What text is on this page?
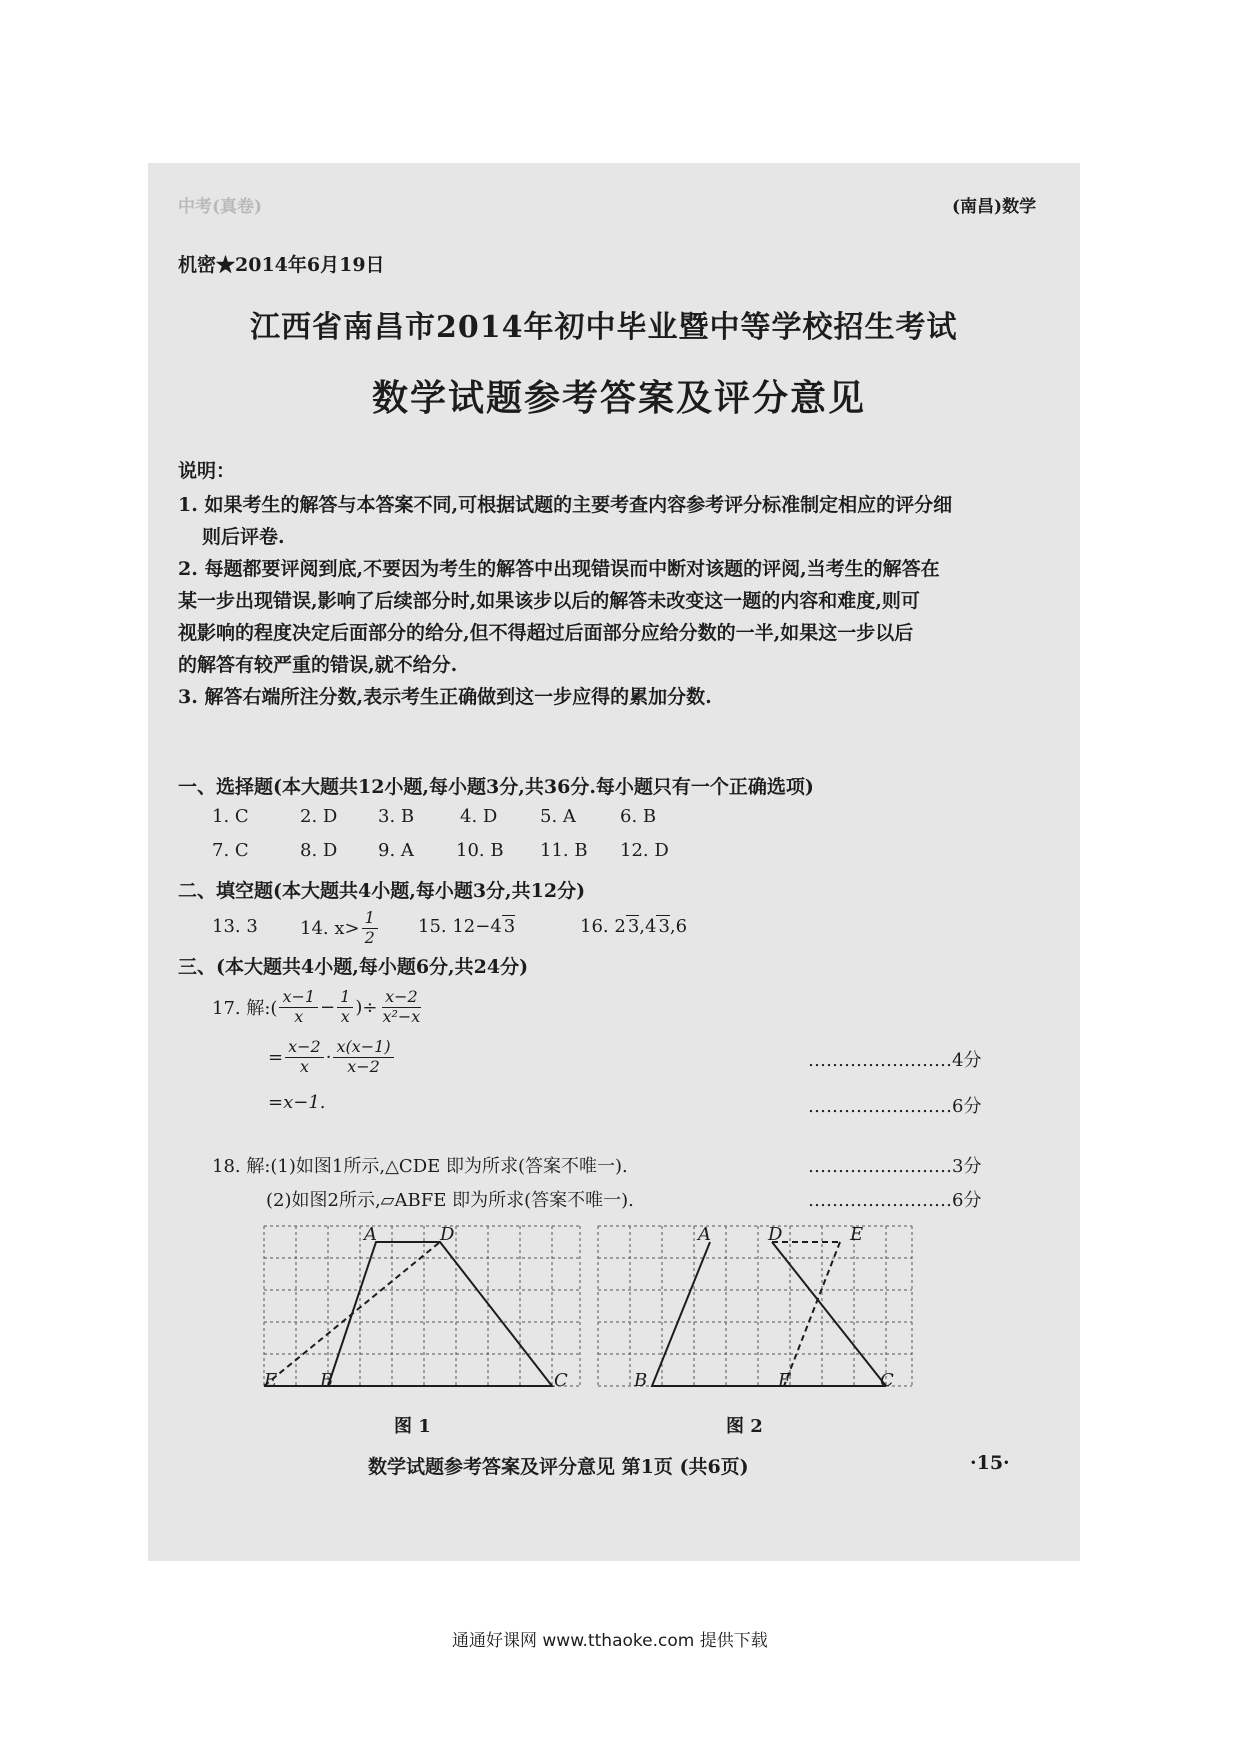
中考(真卷)	(南昌)数学
机密★2014年6月19日
江西省南昌市2014年初中毕业暨中等学校招生考试
数学试题参考答案及评分意见
说明：
1. 如果考生的解答与本答案不同,可根据试题的主要考查内容参考评分标准制定相应的评分细
则后评卷.
2. 每题都要评阅到底,不要因为考生的解答中出现错误而中断对该题的评阅,当考生的解答在
某一步出现错误,影响了后续部分时,如果该步以后的解答未改变这一题的内容和难度,则可
视影响的程度决定后面部分的给分,但不得超过后面部分应给分数的一半,如果这一步以后
的解答有较严重的错误,就不给分.
3. 解答右端所注分数,表示考生正确做到这一步应得的累加分数.
一、选择题(本大题共12小题,每小题3分,共36分.每小题只有一个正确选项)
1. C	2. D 3. B	4. D 5. A 6. B
7. C	8. D 9. A 10. B 11. B 12. D
二、填空题(本大题共4小题,每小题3分,共12分)
13. 3 14. $x> \frac{1}{2} 15$. 12−4 3	16. 2 3,4 3,6
三、(本大题共4小题,每小题6分,共24分)
17. 解:( $\frac{x-1}{x} - \frac{1}{x}$ )÷ $\frac{x-2}{\text{x²−x}}$
= $\frac{x-2}{x} \cdot \frac{x(x-1)}{x-2}$	……………………4分
=x−1.	……………………6分
18. 解:(1)如图1所示,△CDE 即为所求(答案不唯一).	……………………3分
(2)如图2所示,▱ABFE 即为所求(答案不唯一).	……………………6分
A	D
E B	C
图 1
A	D	E
B	F	C
图 2
数学试题参考答案及评分意见 第1页 (共6页)	·15·
通通好课网 www.tthaoke.com 提供下载
